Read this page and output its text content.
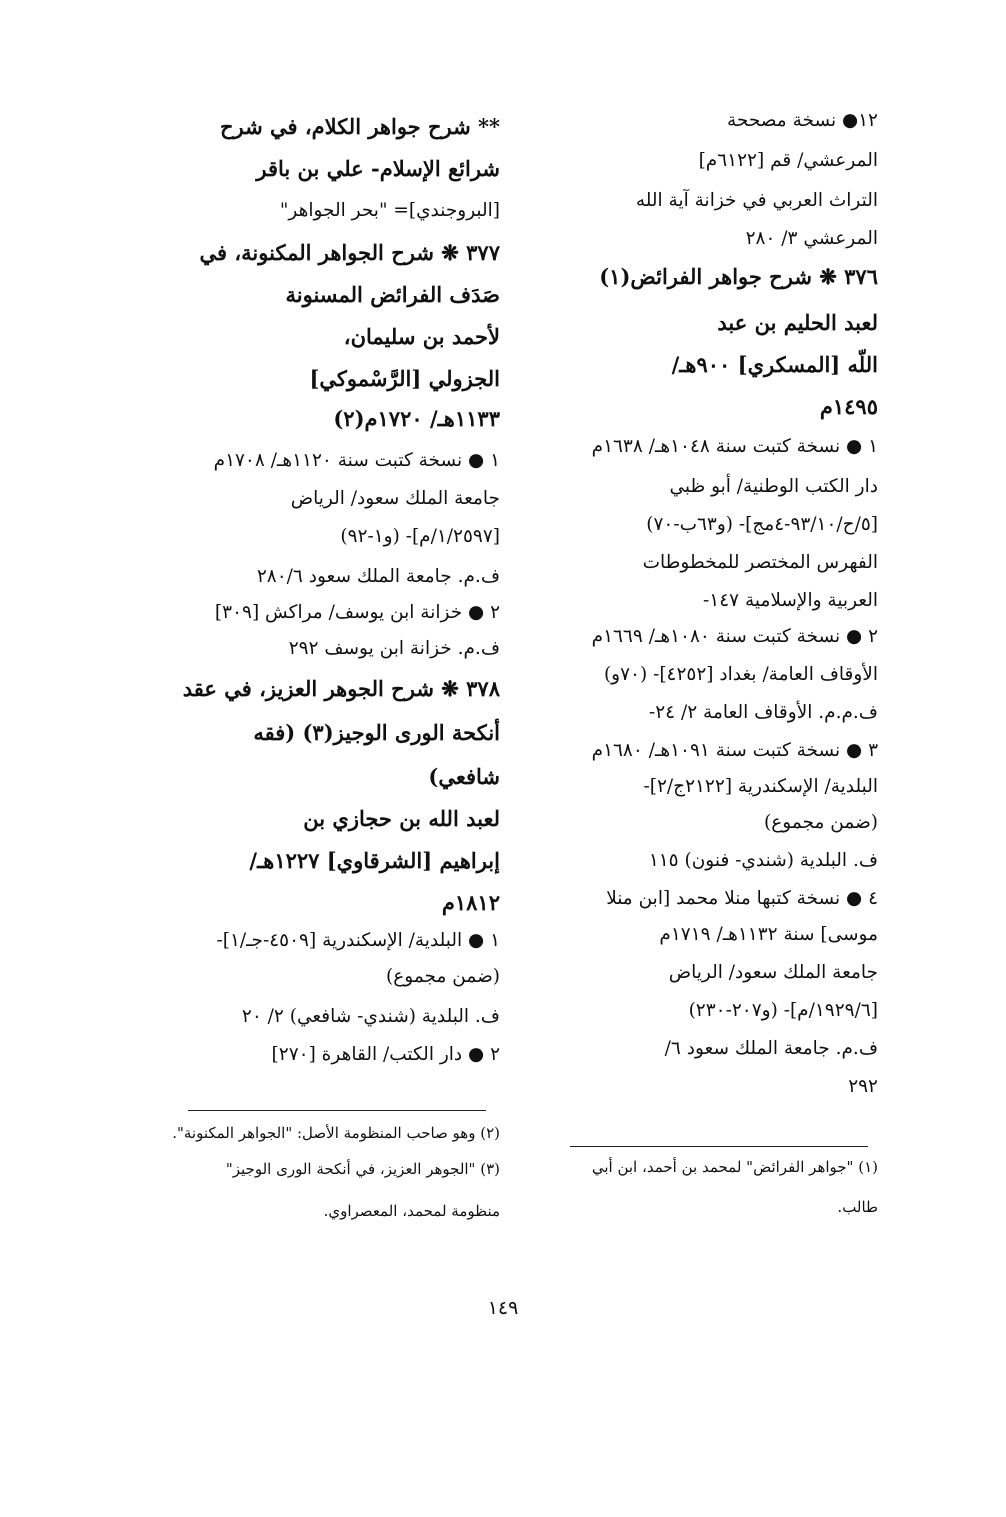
١٢● نسخة مصححة
المرعشي/ قم [٦١٢٢م]
التراث العربي في خزانة آية الله
المرعشي ٣/ ٢٨٠
٣٧٦ ❋ شرح جواهر الفرائض(١)
لعبد الحليم بن عبد
اللّه [المسكري] ٩٠٠هـ/
١٤٩٥م
١ ● نسخة كتبت سنة ١٠٤٨هـ/ ١٦٣٨م
دار الكتب الوطنية/ أبو ظبي
[٥/ح/٩٣/١٠-٤مج]- (و٦٣ب-٧٠)
الفهرس المختصر للمخطوطات
العربية والإسلامية ١٤٧-
٢ ● نسخة كتبت سنة ١٠٨٠هـ/ ١٦٦٩م
الأوقاف العامة/ بغداد [٤٢٥٢]- (٧٠و)
ف.م.م. الأوقاف العامة ٢/ ٢٤-
٣ ● نسخة كتبت سنة ١٠٩١هـ/ ١٦٨٠م
البلدية/ الإسكندرية [٢١٢٢ج/٢]-
(ضمن مجموع)
ف. البلدية (شندي- فنون) ١١٥
٤ ● نسخة كتبها منلا محمد [ابن منلا
موسى] سنة ١١٣٢هـ/ ١٧١٩م
جامعة الملك سعود/ الرياض
[١٩٢٩/٦/م]- (و٢٠٧-٢٣٠)
ف.م. جامعة الملك سعود ٦/
٢٩٢
** شرح جواهر الكلام، في شرح
شرائع الإسلام- علي بن باقر
[البروجندي]= "بحر الجواهر"
٣٧٧ ❋ شرح الجواهر المكنونة، في
صَدَف الفرائض المسنونة
لأحمد بن سليمان،
الجزولي [الرَّسْموكي]
١١٣٣هـ/ ١٧٢٠م(٢)
١ ● نسخة كتبت سنة ١١٢٠هـ/ ١٧٠٨م
جامعة الملك سعود/ الرياض
[١/٢٥٩٧/م]- (و١-٩٢)
ف.م. جامعة الملك سعود ٢٨٠/٦
٢ ● خزانة ابن يوسف/ مراكش [٣٠٩]
ف.م. خزانة ابن يوسف ٢٩٢
٣٧٨ ❋ شرح الجوهر العزيز، في عقد
أنكحة الورى الوجيز(٣) (فقه
شافعي)
لعبد الله بن حجازي بن
إبراهيم [الشرقاوي] ١٢٢٧هـ/
١٨١٢م
١ ● البلدية/ الإسكندرية [٤٥٠٩-جـ/١]-
(ضمن مجموع)
ف. البلدية (شندي- شافعي) ٢/ ٢٠
٢ ● دار الكتب/ القاهرة [٢٧٠]
(٢) وهو صاحب المنظومة الأصل: "الجواهر المكنونة".
(٣) "الجوهر العزيز، في أنكحة الورى الوجيز"
منظومة لمحمد، المعصراوي.
(١) "جواهر الفرائض" لمحمد بن أحمد، ابن أبي
طالب.
١٤٩
